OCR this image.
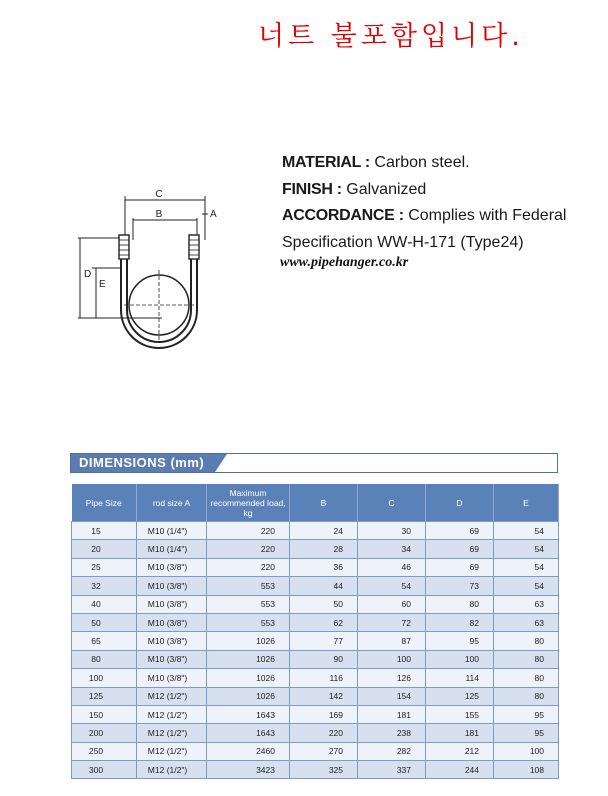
너트 불포함입니다.
C
B	A
D
E
MATERIAL : Carbon steel.
FINISH : Galvanized
ACCORDANCE : Complies with Federal
Specification WW-H-171 (Type24)
www.pipehanger.co.kr
DIMENSIONS (mm)
Pipe Size	rod size A	Maximum recommended load, kg	B	C	D	E
15	M10 (1/4")	220	24	30	69	54
20	M10 (1/4")	220	28	34	69	54
25	M10 (3/8")	220	36	46	69	54
32	M10 (3/8")	553	44	54	73	54
40	M10 (3/8")	553	50	60	80	63
50	M10 (3/8")	553	62	72	82	63
65	M10 (3/8")	1026	77	87	95	80
80	M10 (3/8")	1026	90	100	100	80
100	M10 (3/8")	1026	116	126	114	80
125	M12 (1/2")	1026	142	154	125	80
150	M12 (1/2")	1643	169	181	155	95
200	M12 (1/2")	1643	220	238	181	95
250	M12 (1/2")	2460	270	282	212	100
300	M12 (1/2")	3423	325	337	244	108
